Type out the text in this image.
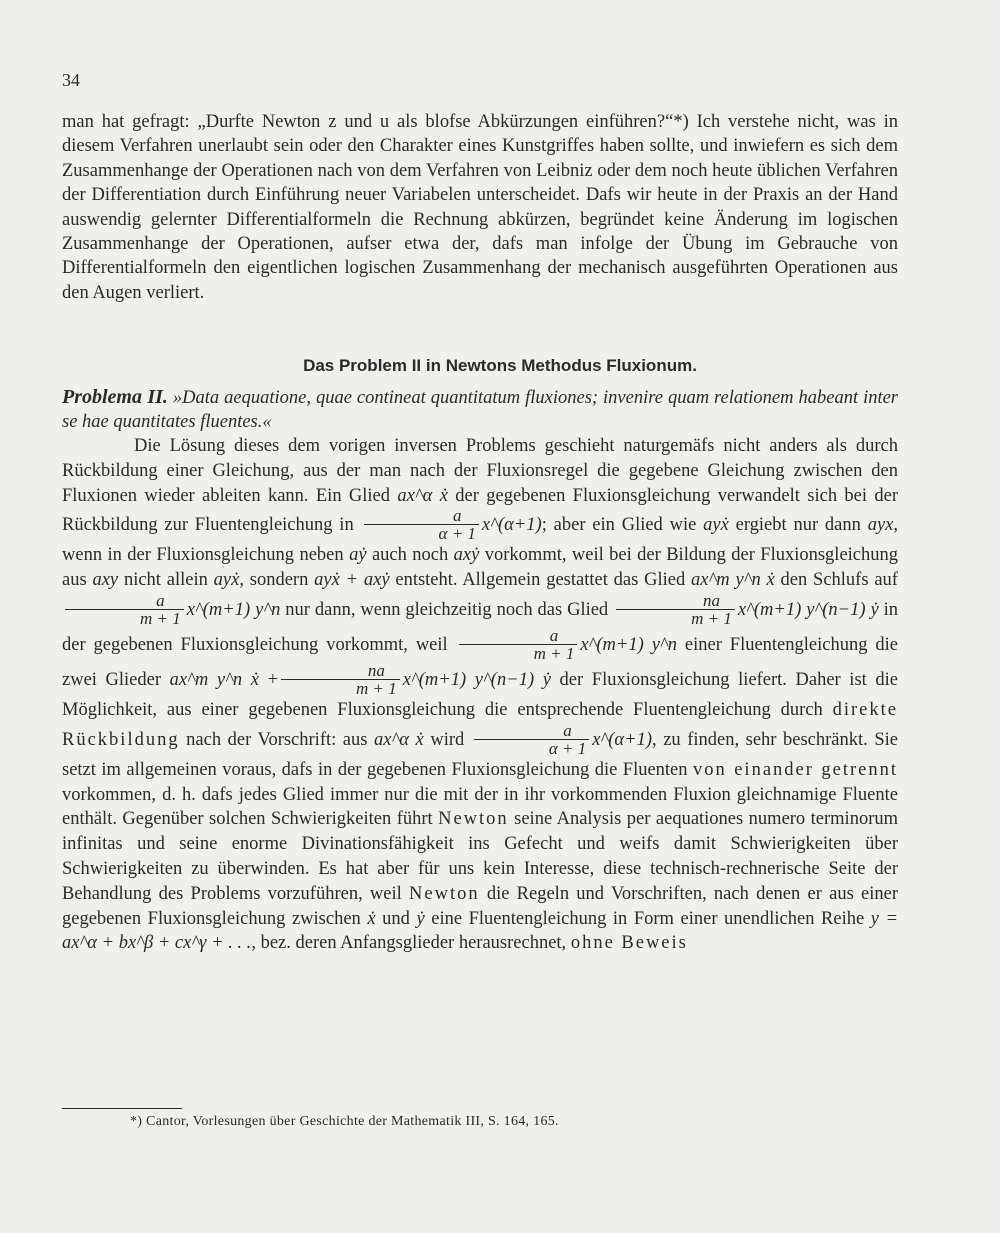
34

man hat gefragt: „Durfte Newton z und u als blofse Abkürzungen einführen?“*) Ich verstehe nicht, was in diesem Verfahren unerlaubt sein oder den Charakter eines Kunstgriffes haben sollte, und inwiefern es sich dem Zusammenhange der Operationen nach von dem Verfahren von Leibniz oder dem noch heute üblichen Verfahren der Differentiation durch Einführung neuer Variabelen unterscheidet. Dafs wir heute in der Praxis an der Hand auswendig gelernter Differentialformeln die Rechnung abkürzen, begründet keine Änderung im logischen Zusammenhange der Operationen, aufser etwa der, dafs man infolge der Übung im Gebrauche von Differentialformeln den eigentlichen logischen Zusammenhang der mechanisch ausgeführten Operationen aus den Augen verliert.

Das Problem II in Newtons Methodus Fluxionum.

Problema II. »Data aequatione, quae contineat quantitatum fluxiones; invenire quam relationem habeant inter se hae quantitates fluentes.«

Die Lösung dieses dem vorigen inversen Problems geschieht naturgemäfs nicht anders als durch Rückbildung einer Gleichung, aus der man nach der Fluxionsregel die gegebene Gleichung zwischen den Fluxionen wieder ableiten kann. Ein Glied ax^α ẋ der gegebenen Fluxionsgleichung verwandelt sich bei der Rückbildung zur Fluentengleichung in $\frac{a}{\alpha + 1}$ x^(α+1); aber ein Glied wie ayẋ ergiebt nur dann ayx, wenn in der Fluxionsgleichung neben aẏ auch noch axẏ vorkommt, weil bei der Bildung der Fluxionsgleichung aus axy nicht allein ayẋ, sondern ayẋ + axẏ entsteht. Allgemein gestattet das Glied ax^m y^n ẋ den Schlufs auf
$\frac{a}{m + 1}$ x^(m+1) y^n nur dann, wenn gleichzeitig noch das Glied $\frac{na}{m + 1}$ x^(m+1) y^(n−1) ẏ in der gegebenen Fluxionsgleichung vorkommt, weil $\frac{a}{m + 1}$ x^(m+1) y^n einer Fluentengleichung die zwei Glieder ax^m y^n ẋ + $\frac{na}{m + 1}$ x^(m+1) y^(n−1) ẏ der Fluxionsgleichung liefert. Daher ist die Möglichkeit, aus einer gegebenen Fluxionsgleichung die entsprechende Fluentengleichung durch direkte Rückbildung nach der Vorschrift: aus ax^α ẋ wird $\frac{a}{\alpha + 1}$ x^(α+1), zu finden, sehr beschränkt. Sie setzt im allgemeinen voraus, dafs in der gegebenen Fluxionsgleichung die Fluenten von einander getrennt vorkommen, d. h. dafs jedes Glied immer nur die mit der in ihr vorkommenden Fluxion gleichnamige Fluente enthält. Gegenüber solchen Schwierigkeiten führt Newton seine Analysis per aequationes numero terminorum infinitas und seine enorme Divinationsfähigkeit ins Gefecht und weifs damit Schwierigkeiten über Schwierigkeiten zu überwinden. Es hat aber für uns kein Interesse, diese technisch-rechnerische Seite der Behandlung des Problems vorzuführen, weil Newton die Regeln und Vorschriften, nach denen er aus einer gegebenen Fluxionsgleichung zwischen ẋ und ẏ eine Fluentengleichung in Form einer unendlichen Reihe y = ax^α + bx^β + cx^γ + . . ., bez. deren Anfangsglieder herausrechnet, ohne Beweis

*) Cantor, Vorlesungen über Geschichte der Mathematik III, S. 164, 165.
